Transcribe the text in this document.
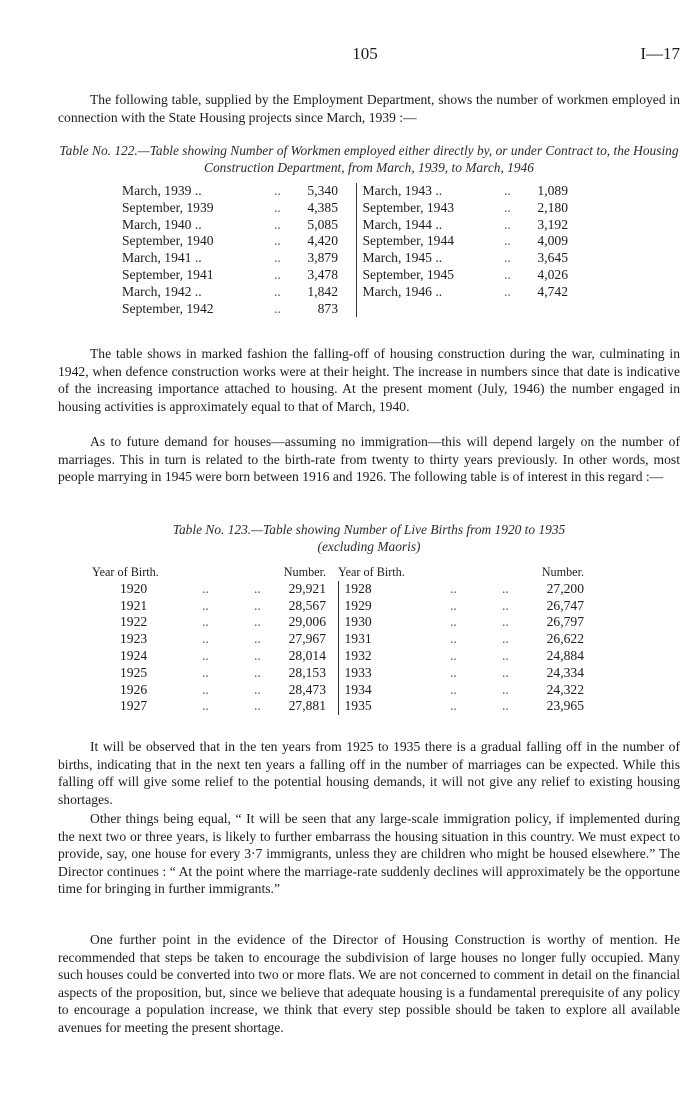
105	I—17

The following table, supplied by the Employment Department, shows the number of workmen employed in connection with the State Housing projects since March, 1939 :—

Table No. 122.—Table showing Number of Workmen employed either directly by, or under Contract to, the Housing Construction Department, from March, 1939, to March, 1946

March, 1939 ..	..	5,340		March, 1943 ..	..	1,089
September, 1939	..	4,385		September, 1943	..	2,180
March, 1940 ..	..	5,085		March, 1944 ..	..	3,192
September, 1940	..	4,420		September, 1944	..	4,009
March, 1941 ..	..	3,879		March, 1945 ..	..	3,645
September, 1941	..	3,478		September, 1945	..	4,026
March, 1942 ..	..	1,842		March, 1946 ..	..	4,742
September, 1942	..	873				

The table shows in marked fashion the falling-off of housing construction during the war, culminating in 1942, when defence construction works were at their height. The increase in numbers since that date is indicative of the increasing importance attached to housing. At the present moment (July, 1946) the number engaged in housing activities is approximately equal to that of March, 1940.

As to future demand for houses—assuming no immigration—this will depend largely on the number of marriages. This in turn is related to the birth-rate from twenty to thirty years previously. In other words, most people marrying in 1945 were born between 1916 and 1926. The following table is of interest in this regard :—

Table No. 123.—Table showing Number of Live Births from 1920 to 1935
(excluding Maoris)
Year of Birth.			Number.		Year of Birth.			Number.
1920	..	..	29,921		1928	..	..	27,200
1921	..	..	28,567		1929	..	..	26,747
1922	..	..	29,006		1930	..	..	26,797
1923	..	..	27,967		1931	..	..	26,622
1924	..	..	28,014		1932	..	..	24,884
1925	..	..	28,153		1933	..	..	24,334
1926	..	..	28,473		1934	..	..	24,322
1927	..	..	27,881		1935	..	..	23,965

It will be observed that in the ten years from 1925 to 1935 there is a gradual falling off in the number of births, indicating that in the next ten years a falling off in the number of marriages can be expected. While this falling off will give some relief to the potential housing demands, it will not give any relief to existing housing shortages.

Other things being equal, “ It will be seen that any large-scale immigration policy, if implemented during the next two or three years, is likely to further embarrass the housing situation in this country. We must expect to provide, say, one house for every 3·7 immigrants, unless they are children who might be housed elsewhere.” The Director continues : “ At the point where the marriage-rate suddenly declines will approximately be the opportune time for bringing in further immigrants.”

One further point in the evidence of the Director of Housing Construction is worthy of mention. He recommended that steps be taken to encourage the subdivision of large houses no longer fully occupied. Many such houses could be converted into two or more flats. We are not concerned to comment in detail on the financial aspects of the proposition, but, since we believe that adequate housing is a fundamental prerequisite of any policy to encourage a population increase, we think that every step possible should be taken to explore all available avenues for meeting the present shortage.
